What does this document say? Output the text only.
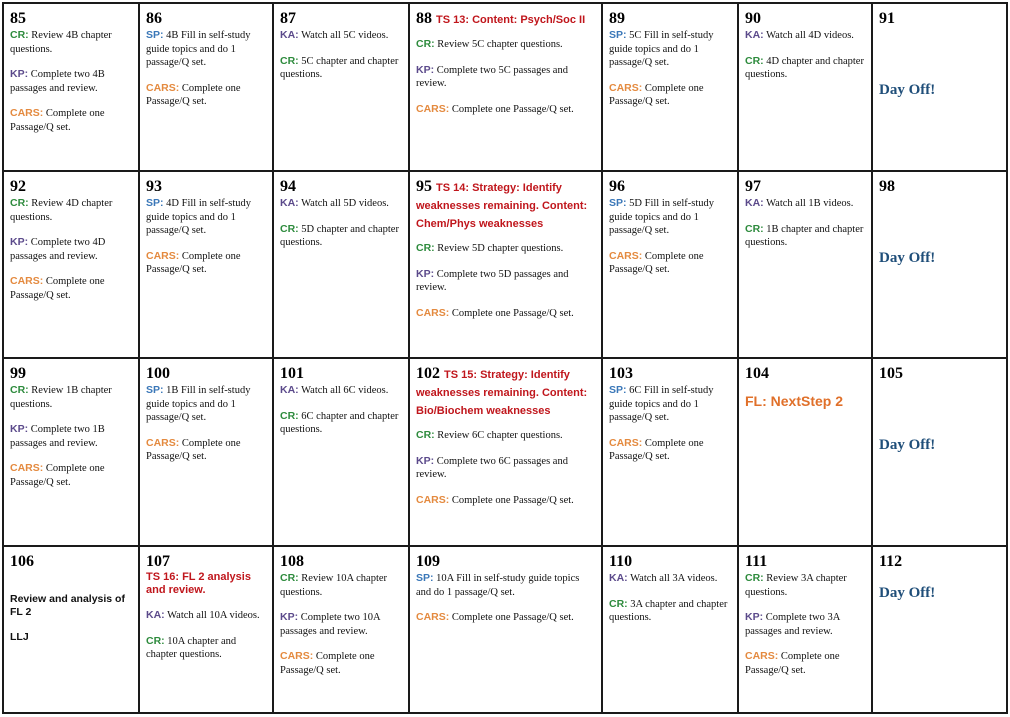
85
CR: Review 4B chapter questions.
KP: Complete two 4B passages and review.
CARS: Complete one Passage/Q set.
86
SP: 4B Fill in self-study guide topics and do 1 passage/Q set.
CARS: Complete one Passage/Q set.
87
KA: Watch all 5C videos.
CR: 5C chapter and chapter questions.
88 TS 13: Content: Psych/Soc II
CR: Review 5C chapter questions.
KP: Complete two 5C passages and review.
CARS: Complete one Passage/Q set.
89
SP: 5C Fill in self-study guide topics and do 1 passage/Q set.
CARS: Complete one Passage/Q set.
90
KA: Watch all 4D videos.
CR: 4D chapter and chapter questions.
91
Day Off!
92
CR: Review 4D chapter questions.
KP: Complete two 4D passages and review.
CARS: Complete one Passage/Q set.
93
SP: 4D Fill in self-study guide topics and do 1 passage/Q set.
CARS: Complete one Passage/Q set.
94
KA: Watch all 5D videos.
CR: 5D chapter and chapter questions.
95 TS 14: Strategy: Identify weaknesses remaining. Content: Chem/Phys weaknesses
CR: Review 5D chapter questions.
KP: Complete two 5D passages and review.
CARS: Complete one Passage/Q set.
96
SP: 5D Fill in self-study guide topics and do 1 passage/Q set.
CARS: Complete one Passage/Q set.
97
KA: Watch all 1B videos.
CR: 1B chapter and chapter questions.
98
Day Off!
99
CR: Review 1B chapter questions.
KP: Complete two 1B passages and review.
CARS: Complete one Passage/Q set.
100
SP: 1B Fill in self-study guide topics and do 1 passage/Q set.
CARS: Complete one Passage/Q set.
101
KA: Watch all 6C videos.
CR: 6C chapter and chapter questions.
102 TS 15: Strategy: Identify weaknesses remaining. Content: Bio/Biochem weaknesses
CR: Review 6C chapter questions.
KP: Complete two 6C passages and review.
CARS: Complete one Passage/Q set.
103
SP: 6C Fill in self-study guide topics and do 1 passage/Q set.
CARS: Complete one Passage/Q set.
104
FL: NextStep 2
105
Day Off!
106
Review and analysis of FL 2
LLJ
107
TS 16: FL 2 analysis and review.
KA: Watch all 10A videos.
CR: 10A chapter and chapter questions.
108
CR: Review 10A chapter questions.
KP: Complete two 10A passages and review.
CARS: Complete one Passage/Q set.
109
SP: 10A Fill in self-study guide topics and do 1 passage/Q set.
CARS: Complete one Passage/Q set.
110
KA: Watch all 3A videos.
CR: 3A chapter and chapter questions.
111
CR: Review 3A chapter questions.
KP: Complete two 3A passages and review.
CARS: Complete one Passage/Q set.
112
Day Off!
